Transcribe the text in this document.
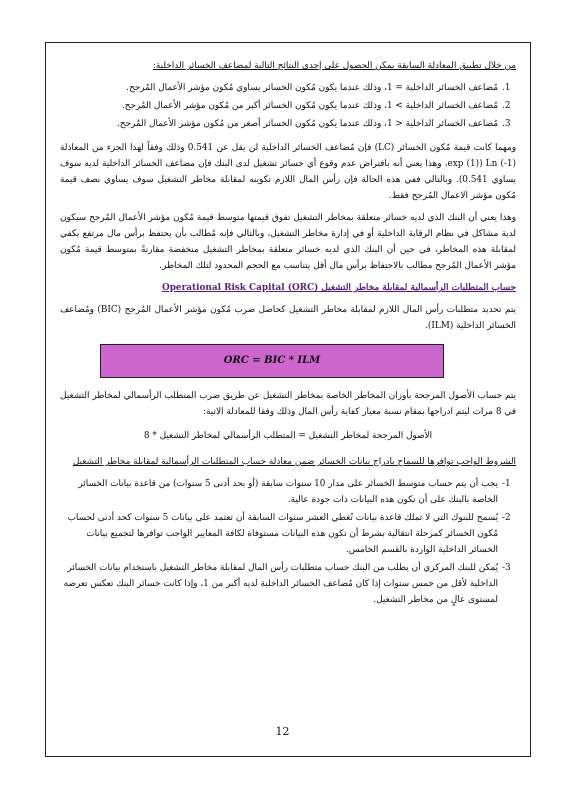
من خلال تطبيق المعادلة السابقة يمكن الحصول على إحدى النتائج التالية لمضاعف الخسائر الداخلية:

1.
مُضاعف الخسائر الداخلية = 1، وذلك عندما يكون مُكون الخسائر يساوي مُكون مؤشر الأعمال المُرجح.
2.
مُضاعف الخسائر الداخلية > 1، وذلك عندما يكون مُكون الخسائر أكبر من مُكون مؤشر الأعمال المُرجح.
3.
مُضاعف الخسائر الداخلية < 1، وذلك عندما يكون مُكون الخسائر أصغر من مُكون مؤشر الأعمال المُرجح.

ومهما كانت قيمة مُكون الخسائر (LC) فإن مُضاعف الخسائر الداخلية لن يقل عن 0.541 وذلك وفقاً لهذا الجزء من المعادلة (1-) Ln (exp (1)، وهذا يعني أنه بافتراض عدم وقوع أي خسائر تشغيل لدى البنك فإن مضاعف الخسائر الداخلية لديه سوف يساوي 0.541). وبالتالي ففي هذه الحالة فإن رأس المال اللازم تكوينه لمقابلة مخاطر التشغيل سوف يساوي نصف قيمة مُكون مؤشر الاعمال المُرجح فقط.

وهذا يعني أن البنك الذي لديه خسائر متعلقة بمخاطر التشغيل تفوق قيمتها متوسط قيمة مُكون مؤشر الأعمال المُرجح سيكون لدية مشاكل في نظام الرقابة الداخلية أو في إدارة مخاطر التشغيل، وبالتالي فإنه مُطالب بأن يحتفظ برأس مال مرتفع يكفي لمقابلة هذه المخاطر، في حين أن البنك الذي لديه خسائر متعلقة بمخاطر التشغيل منخفضة مقارنةً بمتوسط قيمة مُكون مؤشر الأعمال المُرجح مطالب بالاحتفاظ برأس مال أقل يتناسب مع الحجم المحدود لتلك المخاطر.

حساب المتطلبات الرأسمالية لمقابلة مخاطر التشغيل Operational Risk Capital (ORC)

يتم تحديد متطلبات رأس المال اللازم لمقابلة مخاطر التشغيل كحاصل ضرب مُكون مؤشر الأعمال المُرجح (BIC) ومُضاعف الخسائر الداخلية (ILM).

ORC = BIC * ILM

يتم حساب الأصول المرجحة بأوزان المخاطر الخاصة بمخاطر التشغيل عن طريق ضرب المتطلب الرأسمالي لمخاطر التشغيل في 8 مرات ليتم ادراجها بمقام نسبة معيار كفاية رأس المال وذلك وفقا للمعادلة الاتية:

الأصول المرجحة لمخاطر التشغيل = المتطلب الرأسمالي لمخاطر التشغيل * 8

الشروط الواجب توافرها للسماح بادراج بيانات الخسائر ضمن معادلة حساب المتطلبات الرأسمالية لمقابلة مخاطر التشغيل

1-
يجب أن يتم حساب متوسط الخسائر على مدار 10 سنوات سابقة (أو بحد أدنى 5 سنوات) من قاعدة بيانات الخسائر الخاصة بالبنك على أن تكون هذه البيانات ذات جودة عالية.
2-
يُسمح للبنوك التي لا تملك قاعدة بيانات تُغطي العشر سنوات السابقة أن تعتمد على بيانات 5 سنوات كحد أدنى لحساب مُكون الخسائر كمرحلة انتقالية بشرط أن تكون هذه البيانات مستوفاة لكافة المعايير الواجب توافرها لتجميع بيانات الخسائر الداخلية الواردة بالقسم الخامس.
3-
يُمكن للبنك المركزي أن يطلب من البنك حساب متطلبات رأس المال لمقابلة مخاطر التشغيل باستخدام بيانات الخسائر الداخلية لأقل من خمس سنوات إذا كان مُضاعف الخسائر الداخلية لديه أكبر من 1، وإذا كانت خسائر البنك تعكس تعرضه لمستوى عالٍ من مخاطر التشغيل.
12
